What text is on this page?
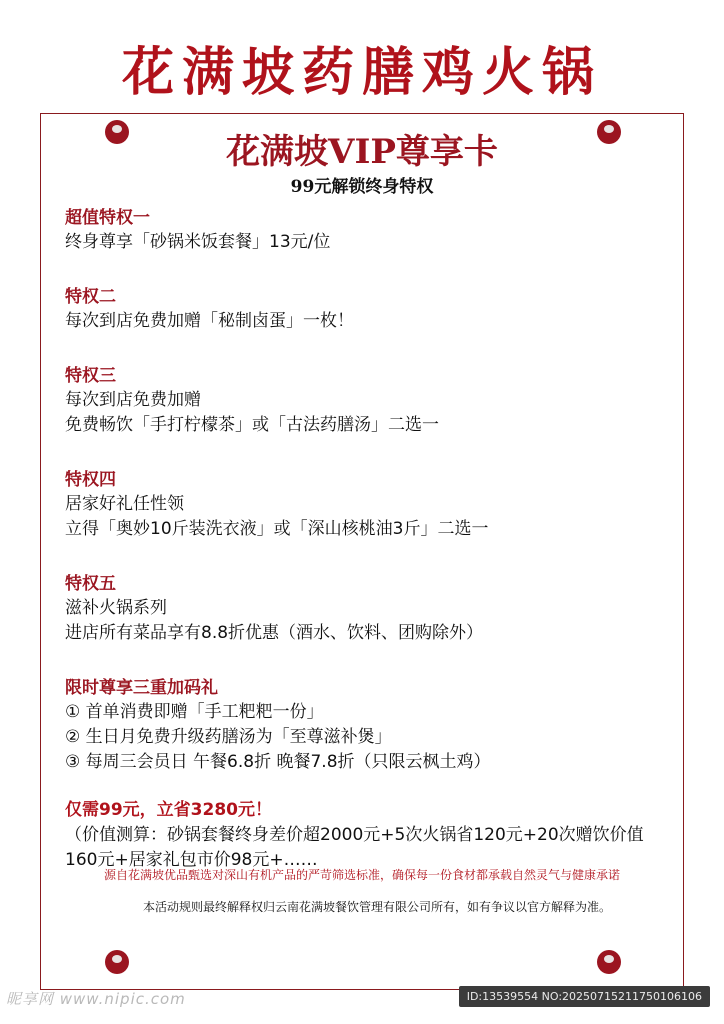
花满坡药膳鸡火锅
花满坡VIP尊享卡
99元解锁终身特权
超值特权一
终身尊享「砂锅米饭套餐」13元/位
特权二
每次到店免费加赠「秘制卤蛋」一枚！
特权三
每次到店免费加赠
免费畅饮「手打柠檬茶」或「古法药膳汤」二选一
特权四
居家好礼任性领
立得「奥妙10斤装洗衣液」或「深山核桃油3斤」二选一
特权五
滋补火锅系列
进店所有菜品享有8.8折优惠（酒水、饮料、团购除外）
限时尊享三重加码礼
① 首单消费即赠「手工粑粑一份」
② 生日月免费升级药膳汤为「至尊滋补煲」
③ 每周三会员日 午餐6.8折 晚餐7.8折（只限云枫土鸡）
仅需99元，立省3280元！
（价值测算：砂锅套餐终身差价超2000元+5次火锅省120元+20次赠饮价值160元+居家礼包市价98元+……
源自花满坡优品甄选对深山有机产品的严苛筛选标准，确保每一份食材都承载自然灵气与健康承诺
本活动规则最终解释权归云南花满坡餐饮管理有限公司所有，如有争议以官方解释为准。
昵享网 www.nipic.com	ID:13539554 NO:20250715211750106106
